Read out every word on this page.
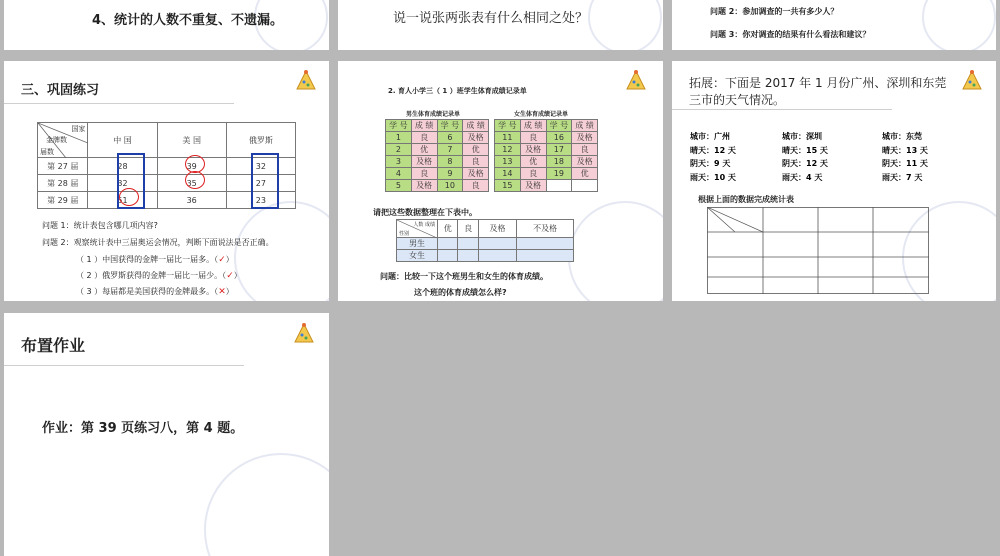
4、统计的人数不重复、不遗漏。	说一说张两张表有什么相同之处？	问题 2：参加调查的一共有多少人？
问题 3：你对调查的结果有什么看法和建议？
三、巩固练习
国家
金牌数
届数	中 国	美 国	俄罗斯
第 27 届	28	39	32
第 28 届	32	35	27
第 29 届	51	36	23
问题 1：统计表包含哪几项内容?
问题 2：观察统计表中三届奥运会情况，判断下面说法是否正确。
（ 1 ）中国获得的金牌一届比一届多。（✓）
（ 2 ）俄罗斯获得的金牌一届比一届少。（✓）
（ 3 ）每届都是美国获得的金牌最多。（✕）
2. 育人小学三（ 1 ）班学生体育成绩记录单
男生体育成绩记录单	女生体育成绩记录单
学 号	成 绩	学 号	成 绩
1	良	6	及格
2	优	7	优
3	及格	8	良
4	良	9	及格
5	及格	10	良
学 号	成 绩	学 号	成 绩
11	良	16	及格
12	及格	17	良
13	优	18	及格
14	良	19	优
15	及格		
请把这些数据整理在下表中。
人数 成绩
性别	优	良	及格	不及格
男生				
女生				
问题：比较一下这个班男生和女生的体育成绩。
这个班的体育成绩怎么样?
拓展：下面是 2017 年 1 月份广州、深圳和东莞
三市的天气情况。
城市：广州
晴天：12 天
阴天：9 天
雨天：10 天
城市：深圳
晴天：15 天
阴天：12 天
雨天：4 天
城市：东莞
晴天：13 天
阴天：11 天
雨天：7 天
根据上面的数据完成统计表
布置作业
作业：第 39 页练习八，第 4 题。
